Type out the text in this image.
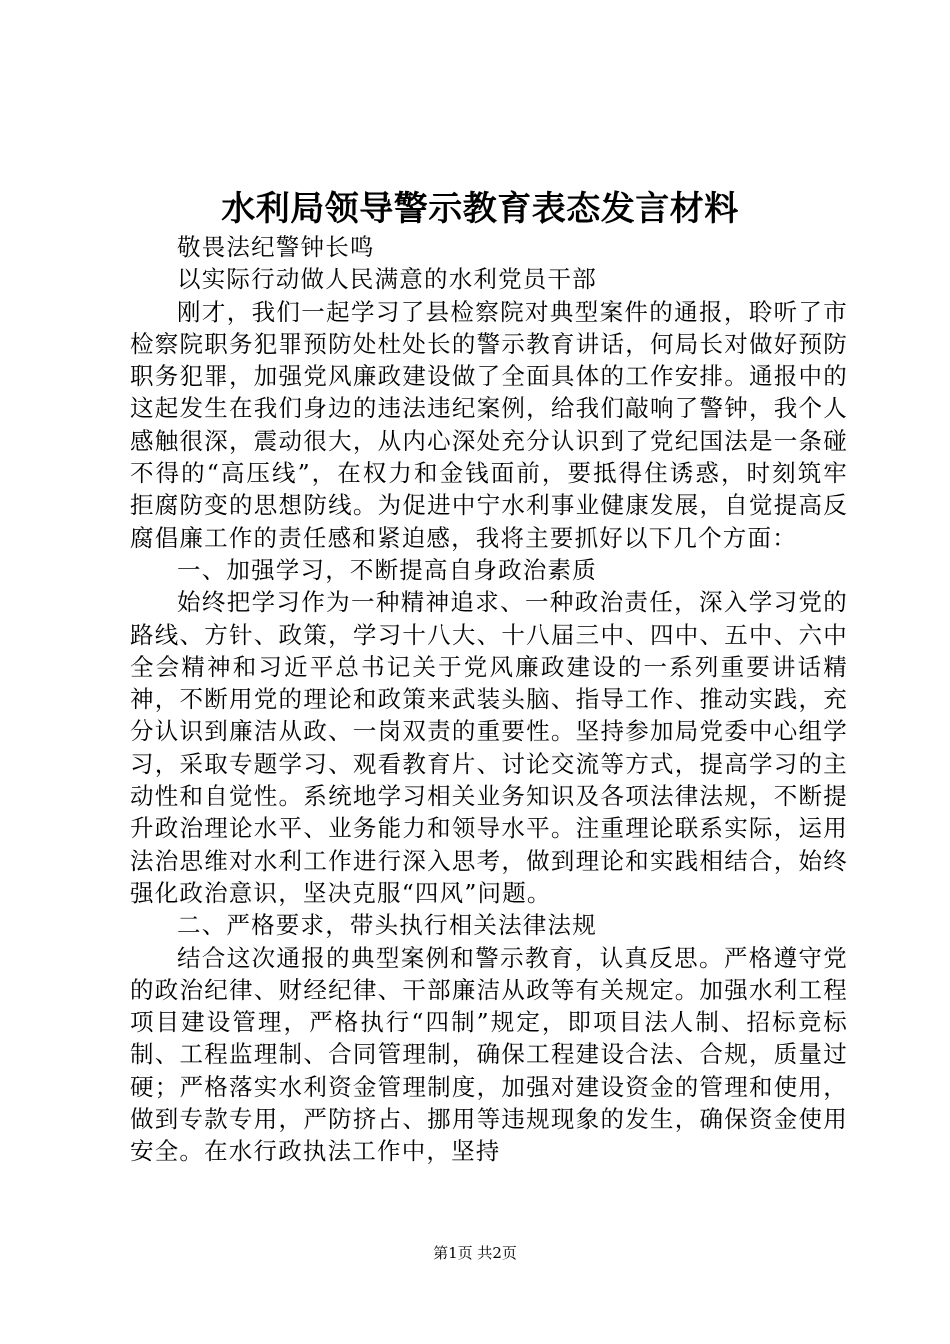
水利局领导警示教育表态发言材料

敬畏法纪警钟长鸣

以实际行动做人民满意的水利党员干部

刚才，我们一起学习了县检察院对典型案件的通报，聆听了市检察院职务犯罪预防处杜处长的警示教育讲话，何局长对做好预防职务犯罪，加强党风廉政建设做了全面具体的工作安排。通报中的这起发生在我们身边的违法违纪案例，给我们敲响了警钟，我个人感触很深，震动很大，从内心深处充分认识到了党纪国法是一条碰不得的“高压线”，在权力和金钱面前，要抵得住诱惑，时刻筑牢拒腐防变的思想防线。为促进中宁水利事业健康发展，自觉提高反腐倡廉工作的责任感和紧迫感，我将主要抓好以下几个方面：

一、加强学习，不断提高自身政治素质

始终把学习作为一种精神追求、一种政治责任，深入学习党的路线、方针、政策，学习十八大、十八届三中、四中、五中、六中全会精神和习近平总书记关于党风廉政建设的一系列重要讲话精神，不断用党的理论和政策来武装头脑、指导工作、推动实践，充分认识到廉洁从政、一岗双责的重要性。坚持参加局党委中心组学习，采取专题学习、观看教育片、讨论交流等方式，提高学习的主动性和自觉性。系统地学习相关业务知识及各项法律法规，不断提升政治理论水平、业务能力和领导水平。注重理论联系实际，运用法治思维对水利工作进行深入思考，做到理论和实践相结合，始终强化政治意识，坚决克服“四风”问题。

二、严格要求，带头执行相关法律法规

结合这次通报的典型案例和警示教育，认真反思。严格遵守党的政治纪律、财经纪律、干部廉洁从政等有关规定。加强水利工程项目建设管理，严格执行“四制”规定，即项目法人制、招标竞标制、工程监理制、合同管理制，确保工程建设合法、合规，质量过硬；严格落实水利资金管理制度，加强对建设资金的管理和使用，做到专款专用，严防挤占、挪用等违规现象的发生，确保资金使用安全。在水行政执法工作中，坚持

第1页 共2页
